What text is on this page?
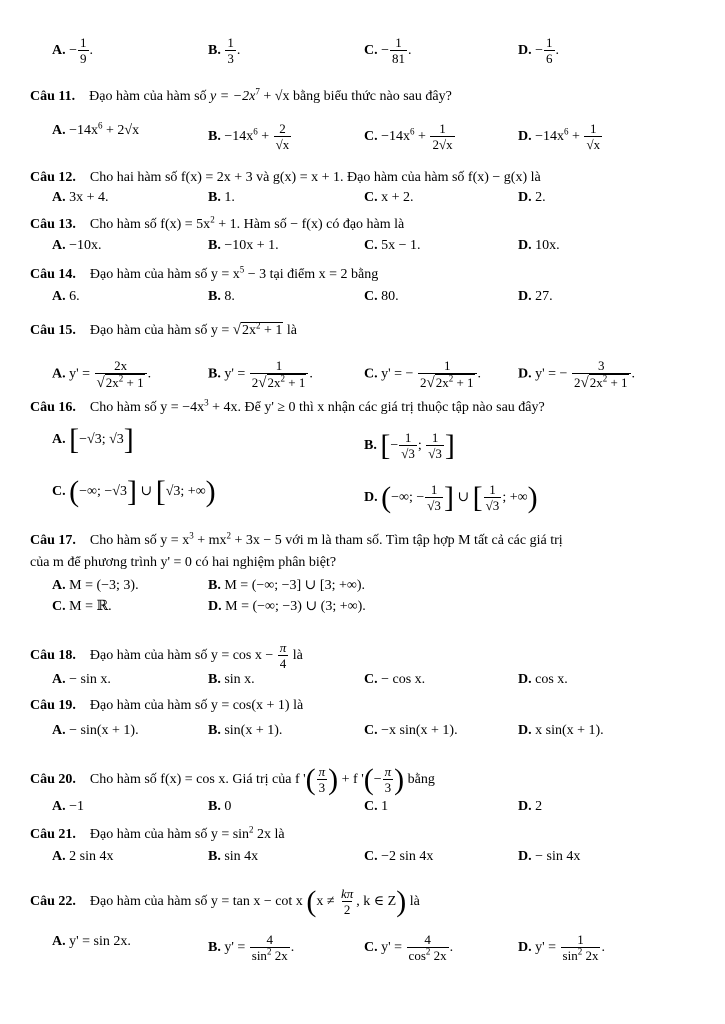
A. − $\frac{1}{9}$ .	B. $\frac{1}{3}$ .	C. − $\frac{1}{81}$ .	D. − $\frac{1}{6}$ .
Câu 11. Đạo hàm của hàm số $y = -2x^7 + √x$ bằng biểu thức nào sau đây?
A. $-14x^6 + 2√x$	B. $-14x^6 + \frac{2}{√x}$	C. $-14x^6 + \frac{1}{2√x}$	D. $-14x^6 + \frac{1}{√x}$
Câu 12. Cho hai hàm số f(x) = 2x + 3 và g(x) = x + 1. Đạo hàm của hàm số f(x) − g(x) là
A. 3x + 4.	B. 1.	C. x + 2.	D. 2.
Câu 13. Cho hàm số $f(x) = 5x^2 + 1$. Hàm số − f(x) có đạo hàm là
A. −10x.	B. −10x + 1.	C. 5x − 1.	D. 10x.
Câu 14. Đạo hàm của hàm số $y = x^5 - 3$ tại điểm x = 2 bằng
A. 6.	B. 8.	C. 80.	D. 27.
Câu 15. Đạo hàm của hàm số $y = √2x^2 + 1$ là
A. $y' = \frac{2x}{√2x^2 + 1}$ .	B. $y' = \frac{1}{2√2x^2 + 1}$ .	C. y' = − $\frac{1}{2√2x^2 + 1}$ .	D. y' = − $\frac{3}{2√2x^2 + 1}$ .
Câu 16. Cho hàm số $y = -4x^3 + 4x$. Để y' ≥ 0 thì x nhận các giá trị thuộc tập nào sau đây?
A. [−√3; √3]	B. [− $\frac{1}{√3}$ ; $\frac{1}{√3}$ ]
C. (−∞; −√3] ∪ [√3; +∞)	D. (−∞; − $\frac{1}{√3}$ ] ∪ [ $\frac{1}{√3}$ ; +∞)
Câu 17. Cho hàm số $y = x^3 + mx^2 + 3x - 5$ với m là tham số. Tìm tập hợp M tất cả các giá trị
của m để phương trình y' = 0 có hai nghiệm phân biệt?
A. M = (−3; 3).	B. M = (−∞; −3] ∪ [3; +∞).
C. M = ℝ.	D. M = (−∞; −3) ∪ (3; +∞).
Câu 18. Đạo hàm của hàm số $y = \cos x - \frac{\pi}{4}$ là
A. − sin x.	B. sin x.	C. − cos x.	D. cos x.
Câu 19. Đạo hàm của hàm số y = cos(x + 1) là
A. − sin(x + 1).	B. sin(x + 1).	C. −x sin(x + 1).	D. x sin(x + 1).
Câu 20. Cho hàm số f(x) = cos x. Giá trị của f '( $\frac{\pi}{3}$ ) + f '(− $\frac{\pi}{3}$ ) bằng
A. −1	B. 0	C. 1	D. 2
Câu 21. Đạo hàm của hàm số $y = \sin^2 2x$ là
A. 2 sin 4x	B. sin 4x	C. −2 sin 4x	D. − sin 4x
Câu 22. Đạo hàm của hàm số y = tan x − cot x ($x \ne \frac{k\pi}{2}$ , k ∈ Z) là
A. y' = sin 2x.	B. $y' = \frac{4}{\sin^2 2x}$ .	C. $y' = \frac{4}{\cos^2 2x}$ .	D. $y' = \frac{1}{\sin^2 2x}$ .
